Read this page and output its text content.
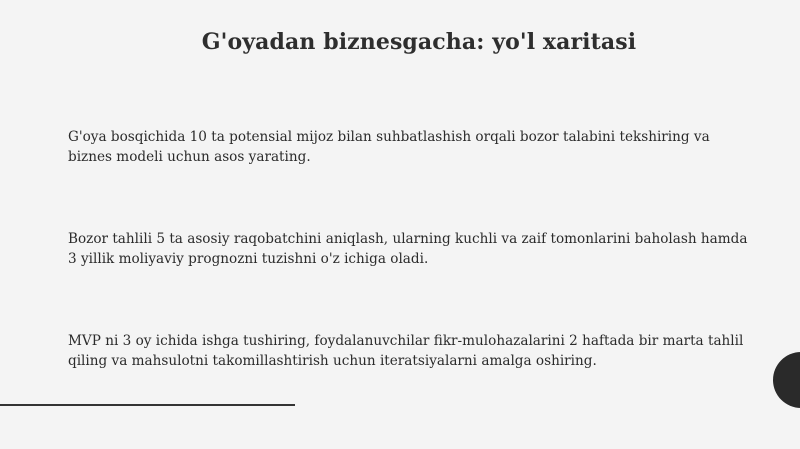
G'oyadan biznesgacha: yo'l xaritasi

G'oya bosqichida 10 ta potensial mijoz bilan suhbatlashish orqali bozor talabini tekshiring va biznes modeli uchun asos yarating.

Bozor tahlili 5 ta asosiy raqobatchini aniqlash, ularning kuchli va zaif tomonlarini baholash hamda 3 yillik moliyaviy prognozni tuzishni o'z ichiga oladi.

MVP ni 3 oy ichida ishga tushiring, foydalanuvchilar fikr-mulohazalarini 2 haftada bir marta tahlil qiling va mahsulotni takomillashtirish uchun iteratsiyalarni amalga oshiring.
